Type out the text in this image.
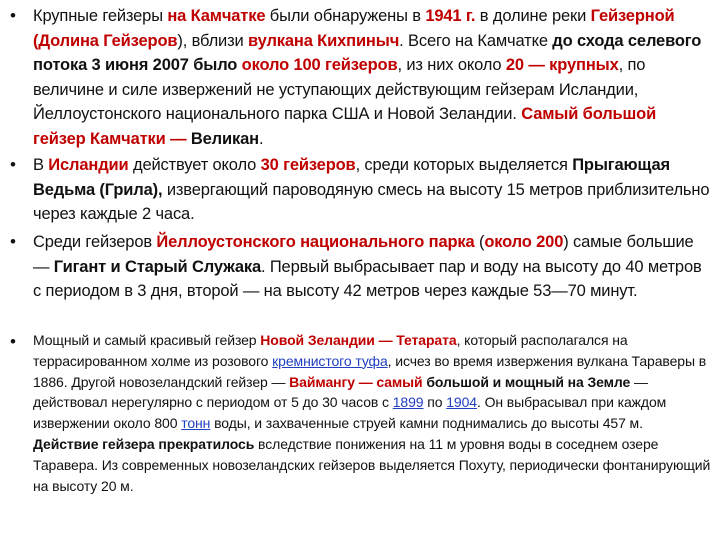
• Крупные гейзеры на Камчатке были обнаружены в 1941 г. в долине реки Гейзерной (Долина Гейзеров), вблизи вулкана Кихпиныч. Всего на Камчатке до схода селевого потока 3 июня 2007 было около 100 гейзеров, из них около 20 — крупных, по величине и силе извержений не уступающих действующим гейзерам Исландии, Йеллоустонского национального парка США и Новой Зеландии. Самый большой гейзер Камчатки — Великан.
• В Исландии действует около 30 гейзеров, среди которых выделяется Прыгающая Ведьма (Грила), извергающий пароводяную смесь на высоту 15 метров приблизительно через каждые 2 часа.
• Среди гейзеров Йеллоустонского национального парка (около 200) самые большие — Гигант и Старый Служака. Первый выбрасывает пар и воду на высоту до 40 метров с периодом в 3 дня, второй — на высоту 42 метров через каждые 53—70 минут.
• Мощный и самый красивый гейзер Новой Зеландии — Тетарата, который располагался на террасированном холме из розового кремнистого туфа, исчез во время извержения вулкана Тараверы в 1886. Другой новозеландский гейзер — Ваймангу — самый большой и мощный на Земле — действовал нерегулярно с периодом от 5 до 30 часов с 1899 по 1904. Он выбрасывал при каждом извержении около 800 тонн воды, и захваченные струей камни поднимались до высоты 457 м. Действие гейзера прекратилось вследствие понижения на 11 м уровня воды в соседнем озере Таравера. Из современных новозеландских гейзеров выделяется Похуту, периодически фонтанирующий на высоту 20 м.
